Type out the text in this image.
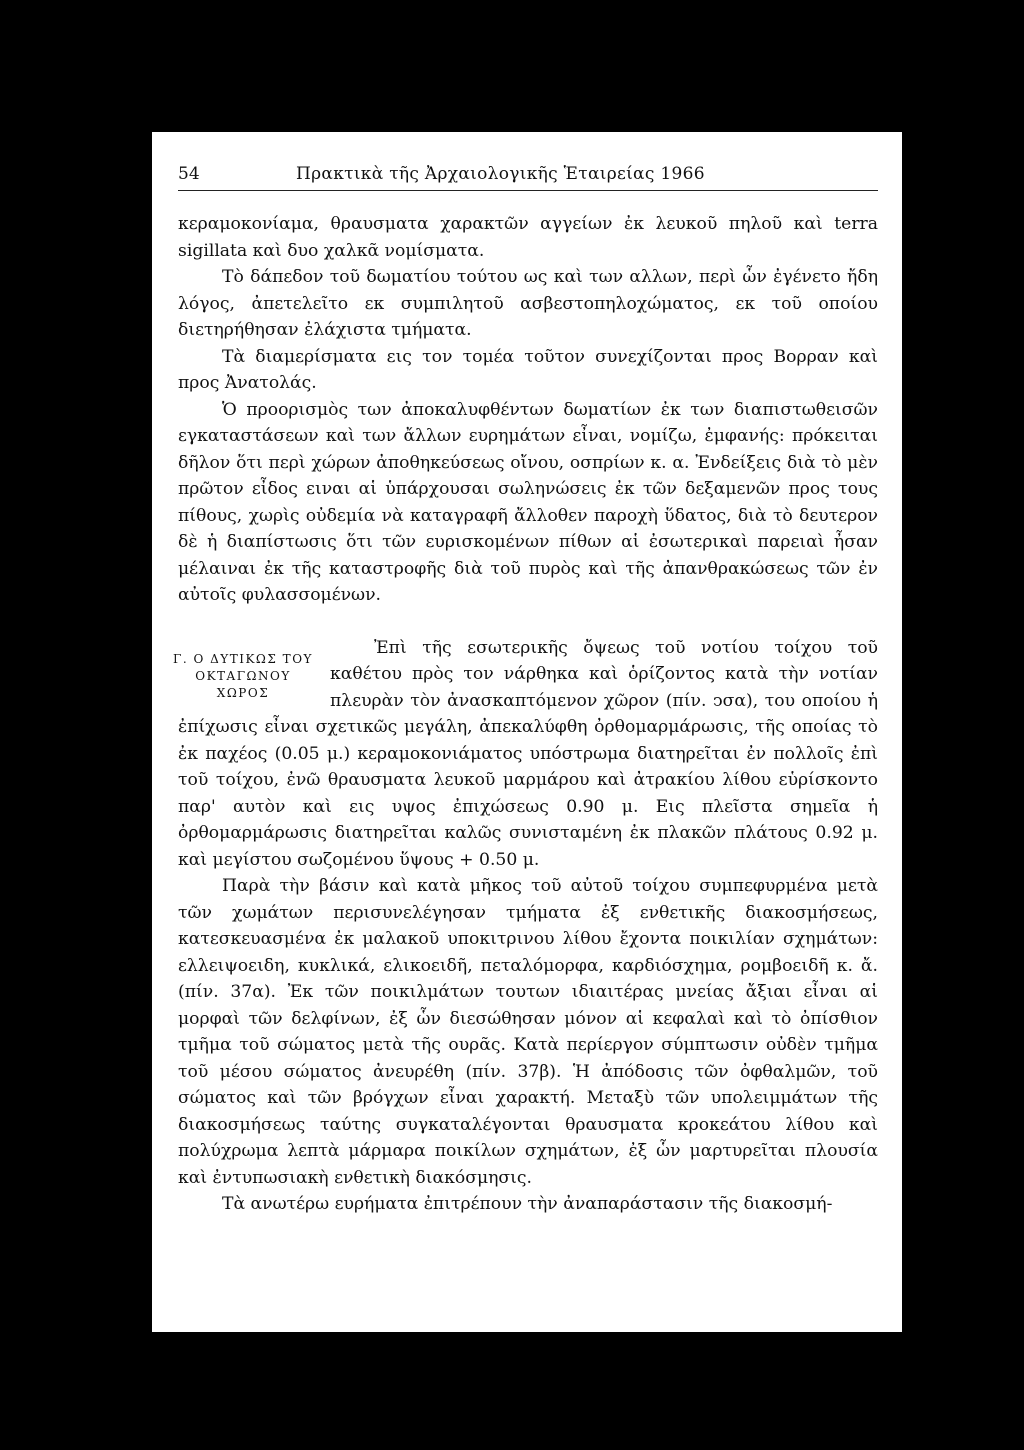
54	Πρακτικὰ τῆς Ἀρχαιολογικῆς Ἑταιρείας 1966

κεραμοκονίαμα, θραυσματα χαρακτῶν αγγείων ἐκ λευκοῦ πηλοῦ καὶ terra sigillata καὶ δυο χαλκᾶ νομίσματα.

Τὸ δάπεδον τοῦ δωματίου τούτου ως καὶ των αλλων, περὶ ὧν ἐγένετο ἤδη λόγος, ἀπετελεῖτο εκ συμπιλητοῦ ασβεστοπηλοχώματος, εκ τοῦ οποίου διετηρήθησαν ἐλάχιστα τμήματα.

Τὰ διαμερίσματα εις τον τομέα τοῦτον συνεχίζονται προς Βορραν καὶ προς Ἀνατολάς.

Ὁ προορισμὸς των ἀποκαλυφθέντων δωματίων ἐκ των διαπιστωθεισῶν εγκαταστάσεων καὶ των ἄλλων ευρημάτων εἶναι, νομίζω, ἐμφανής: πρόκειται δῆλον ὅτι περὶ χώρων ἀποθηκεύσεως οἴνου, οσπρίων κ. α. Ἐνδείξεις διὰ τὸ μὲν πρῶτον εἶδος ειναι αἱ ὑπάρχουσαι σωληνώσεις ἐκ τῶν δεξαμενῶν προς τους πίθους, χωρὶς οὐδεμία νὰ καταγραφῆ ἄλλοθεν παροχὴ ὕδατος, διὰ τὸ δευτερον δὲ ἡ διαπίστωσις ὅτι τῶν ευρισκομένων πίθων αἱ ἐσωτερικαὶ παρειαὶ ἦσαν μέλαιναι ἐκ τῆς καταστροφῆς διὰ τοῦ πυρὸς καὶ τῆς ἀπανθρακώσεως τῶν ἐν αὐτοῖς φυλασσομένων.

Γ. Ο ΔΥΤΙΚΩΣ ΤΟΥ ΟΚΤΑΓΩΝΟΥ ΧΩΡΟΣ

Ἐπὶ τῆς εσωτερικῆς ὄψεως τοῦ νοτίου τοίχου τοῦ καθέτου πρὸς τον νάρθηκα καὶ ὁρίζοντος κατὰ τὴν νοτίαν πλευρὰν τὸν ἀνασκαπτόμενον χῶρον (πίν. ͻσα), του οποίου ἡ ἐπίχωσις εἶναι σχετικῶς μεγάλη, ἀπεκαλύφθη ὀρθομαρμάρωσις, τῆς οποίας τὸ ἐκ παχέος (0.05 μ.) κεραμοκονιάματος υπόστρωμα διατηρεῖται ἐν πολλοῖς ἐπὶ τοῦ τοίχου, ἐνῶ θραυσματα λευκοῦ μαρμάρου καὶ ἀτρακίου λίθου εὑρίσκοντο παρ' αυτὸν καὶ εις υψος ἐπιχώσεως 0.90 μ. Εις πλεῖστα σημεῖα ἡ ὀρθομαρμάρωσις διατηρεῖται καλῶς συνισταμένη ἐκ πλακῶν πλάτους 0.92 μ. καὶ μεγίστου σωζομένου ὕψους + 0.50 μ.

Παρὰ τὴν βάσιν καὶ κατὰ μῆκος τοῦ αὐτοῦ τοίχου συμπεφυρμένα μετὰ τῶν χωμάτων περισυνελέγησαν τμήματα ἐξ ενθετικῆς διακοσμήσεως, κατεσκευασμένα ἐκ μαλακοῦ υποκιτρινου λίθου ἔχοντα ποικιλίαν σχημάτων: ελλειψοειδη, κυκλικά, ελικοειδῆ, πεταλόμορφα, καρδιόσχημα, ρομβοειδῆ κ. ἄ. (πίν. 37α). Ἐκ τῶν ποικιλμάτων τουτων ιδιαιτέρας μνείας ἄξιαι εἶναι αἱ μορφαὶ τῶν δελφίνων, ἐξ ὧν διεσώθησαν μόνον αἱ κεφαλαὶ καὶ τὸ ὀπίσθιον τμῆμα τοῦ σώματος μετὰ τῆς ουρᾶς. Κατὰ περίεργον σύμπτωσιν οὐδὲν τμῆμα τοῦ μέσου σώματος ἀνευρέθη (πίν. 37β). Ἡ ἀπόδοσις τῶν ὀφθαλμῶν, τοῦ σώματος καὶ τῶν βρόγχων εἶναι χαρακτή. Μεταξὺ τῶν υπολειμμάτων τῆς διακοσμήσεως ταύτης συγκαταλέγονται θραυσματα κροκεάτου λίθου καὶ πολύχρωμα λεπτὰ μάρμαρα ποικίλων σχημάτων, ἐξ ὧν μαρτυρεῖται πλουσία καὶ ἐντυπωσιακὴ ενθετικὴ διακόσμησις.

Τὰ ανωτέρω ευρήματα ἐπιτρέπουν τὴν ἀναπαράστασιν τῆς διακοσμή-
